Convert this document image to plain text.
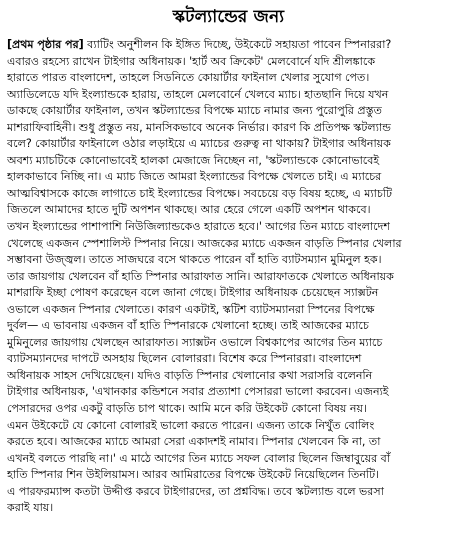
স্কটল্যান্ডের জন্য
[প্রথম পৃষ্ঠার পর] ব্যাটিং অনুশীলন কি ইঙ্গিত দিচ্ছে, উইকেটে সহায়তা পাবেন স্পিনাররা?
এবারও রহস্যে রাখেন টাইগার অধিনায়ক। 'হার্ট অব ক্রিকেট' মেলবোর্নে যদি শ্রীলঙ্কাকে
হারাতে পারত বাংলাদেশ, তাহলে সিডনিতে কোয়ার্টার ফাইনাল খেলার সুযোগ পেত।
অ্যাডিলেডে যদি ইংল্যান্ডকে হারায়, তাহলে মেলবোর্নে খেলবে ম্যাচ। হাতছানি দিয়ে যখন
ডাকছে কোয়ার্টার ফাইনাল, তখন স্কটল্যান্ডের বিপক্ষে ম্যাচে নামার জন্য পুরোপুরি প্রস্তুত
মাশরাফিবাহিনী। শুধু প্রস্তুত নয়, মানসিকভাবে অনেক নির্ভার। কারণ কি প্রতিপক্ষ স্কটল্যান্ড
বলে? কোয়ার্টার ফাইনালে ওঠার লড়াইয়ে এ ম্যাচের গুরুত্ব না থাকায়? টাইগার অধিনায়ক
অবশ্য ম্যাচটিকে কোনোভাবেই হালকা মেজাজে নিচ্ছেন না, 'স্কটল্যান্ডকে কোনোভাবেই
হালকাভাবে নিচ্ছি না। এ ম্যাচ জিতে আমরা ইংল্যান্ডের বিপক্ষে খেলতে চাই। এ ম্যাচের
আত্মবিশ্বাসকে কাজে লাগাতে চাই ইংল্যান্ডের বিপক্ষে। সবচেয়ে বড় বিষয় হচ্ছে, এ ম্যাচটি
জিতলে আমাদের হাতে দুটি অপশন থাকছে। আর হেরে গেলে একটি অপশন থাকবে।
তখন ইংল্যান্ডের পাশাপাশি নিউজিল্যান্ডকেও হারাতে হবে।' আগের তিন ম্যাচে বাংলাদেশ
খেলেছে একজন স্পেশালিস্ট স্পিনার নিয়ে। আজকের ম্যাচে একজন বাড়তি স্পিনার খেলার
সম্ভাবনা উজ্জ্বল। তাতে সাজঘরে বসে থাকতে পারেন বাঁ হাতি ব্যাটসম্যান মুমিনুল হক।
তার জায়গায় খেলবেন বাঁ হাতি স্পিনার আরাফাত সানি। আরাফাতকে খেলাতে অধিনায়ক
মাশরাফি ইচ্ছা পোষণ করেছেন বলে জানা গেছে। টাইগার অধিনায়ক চেয়েছেন স্যাক্সটন
ওভালে একজন স্পিনার খেলাতে। কারণ একটাই, স্কটিশ ব্যাটসম্যানরা স্পিনের বিপক্ষে
দুর্বল— এ ভাবনায় একজন বাঁ হাতি স্পিনারকে খেলানো হচ্ছে। তাই আজকের ম্যাচে
মুমিনুলের জায়গায় খেলছেন আরাফাত। স্যাক্সটন ওভালে বিশ্বকাপের আগের তিন ম্যাচে
ব্যাটসম্যানদের দাপটে অসহায় ছিলেন বোলাররা। বিশেষ করে স্পিনাররা। বাংলাদেশ
অধিনায়ক সাহস দেখিয়েছেন। যদিও বাড়তি স্পিনার খেলানোর কথা সরাসরি বলেননি
টাইগার অধিনায়ক, 'এখানকার কন্ডিশনে সবার প্রত্যাশা পেসাররা ভালো করবেন। এজন্যই
পেসারদের ওপর একটু বাড়তি চাপ থাকে। আমি মনে করি উইকেট কোনো বিষয় নয়।
এমন উইকেটে যে কোনো বোলারই ভালো করতে পারেন। এজন্য তাকে নিখুঁত বোলিং
করতে হবে। আজকের ম্যাচে আমরা সেরা একাদশই নামাব। স্পিনার খেলবেন কি না, তা
এখনই বলতে পারছি না।' এ মাঠে আগের তিন ম্যাচে সফল বোলার ছিলেন জিম্বাবুয়ের বাঁ
হাতি স্পিনার শিন উইলিয়ামস। আরব আমিরাতের বিপক্ষে উইকেট নিয়েছিলেন তিনটি।
এ পারফরম্যান্স কতটা উদ্দীপ্ত করবে টাইগারদের, তা প্রশ্নবিদ্ধ। তবে স্কটল্যান্ড বলে ভরসা
করাই যায়।
